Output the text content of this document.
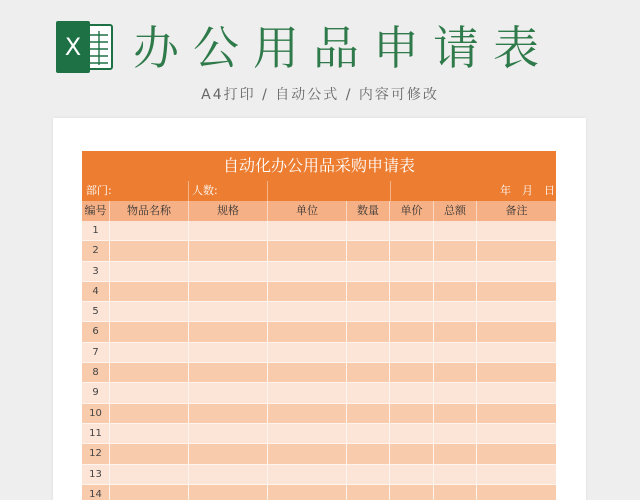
X 办公用品申请表
A4打印 / 自动公式 / 内容可修改
自动化办公用品采购申请表
部门:	人数:	年　月　日
编号	物品名称	规格	单位	数量	单价	总额	备注
1
2
3
4
5
6
7
8
9
10
11
12
13
14
